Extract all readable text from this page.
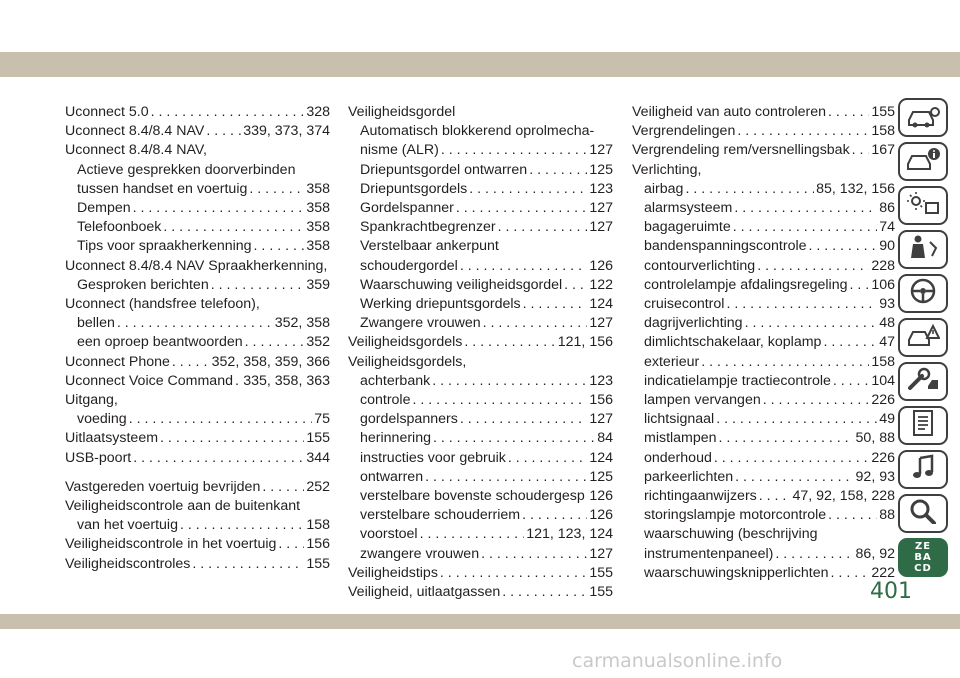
Uconnect 5.0 . . .	328
Uconnect 8.4/8.4 NAV . . .	339, 373, 374
Uconnect 8.4/8.4 NAV,
Actieve gesprekken doorverbinden
tussen handset en voertuig . . .	358
Dempen . . .	358
Telefoonboek . . .	358
Tips voor spraakherkenning . . .	358
Uconnect 8.4/8.4 NAV Spraakherkenning,
Gesproken berichten . . .	359
Uconnect (handsfree telefoon),
bellen . . .	352, 358
een oproep beantwoorden . . .	352
Uconnect Phone . . .	352, 358, 359, 366
Uconnect Voice Command . . . 335, 358, 363
Uitgang,
voeding . . .	75
Uitlaatsysteem . . .	155
USB-poort . . .	344
Vastgereden voertuig bevrijden . . .	252
Veiligheidscontrole aan de buitenkant
van het voertuig . . .	158
Veiligheidscontrole in het voertuig . . . 156
Veiligheidscontroles . . .	155
Veiligheidsgordel
Automatisch blokkerend oprolmecha-
nisme (ALR) . . .	127
Driepuntsgordel ontwarren . . .	125
Driepuntsgordels . . .	123
Gordelspanner . . .	127
Spankrachtbegrenzer . . .	127
Verstelbaar ankerpunt
schoudergordel . . .	126
Waarschuwing veiligheidsgordel . . . 122
Werking driepuntsgordels . . .	124
Zwangere vrouwen . . .	127
Veiligheidsgordels . . .	121, 156
Veiligheidsgordels,
achterbank . . .	123
controle . . .	156
gordelspanners . . .	127
herinnering . . .	84
instructies voor gebruik . . .	124
ontwarren . . .	125
verstelbare bovenste schoudergesp . . . 126
verstelbare schouderriem . . .	126
voorstoel . . .	121, 123, 124
zwangere vrouwen . . .	127
Veiligheidstips . . .	155
Veiligheid, uitlaatgassen . . .	155
Veiligheid van auto controleren . . .	155
Vergrendelingen . . .	158
Vergrendeling rem/versnellingsbak . . . 167
Verlichting,
airbag . . .	85, 132, 156
alarmsysteem . . .	86
bagageruimte . . .	74
bandenspanningscontrole . . .	90
contourverlichting . . .	228
controlelampje afdalingsregeling . . . 106
cruisecontrol . . .	93
dagrijverlichting . . .	48
dimlichtschakelaar, koplamp . . .	47
exterieur . . .	158
indicatielampje tractiecontrole . . .	104
lampen vervangen . . .	226
lichtsignaal . . .	49
mistlampen . . .	50, 88
onderhoud . . .	226
parkeerlichten . . .	92, 93
richtingaanwijzers . . .	47, 92, 158, 228
storingslampje motorcontrole . . .	88
waarschuwing (beschrijving
instrumentenpaneel) . . .	86, 92
waarschuwingsknipperlichten . . .	222
ZE
BA
CD

401
carmanualsonline.info
